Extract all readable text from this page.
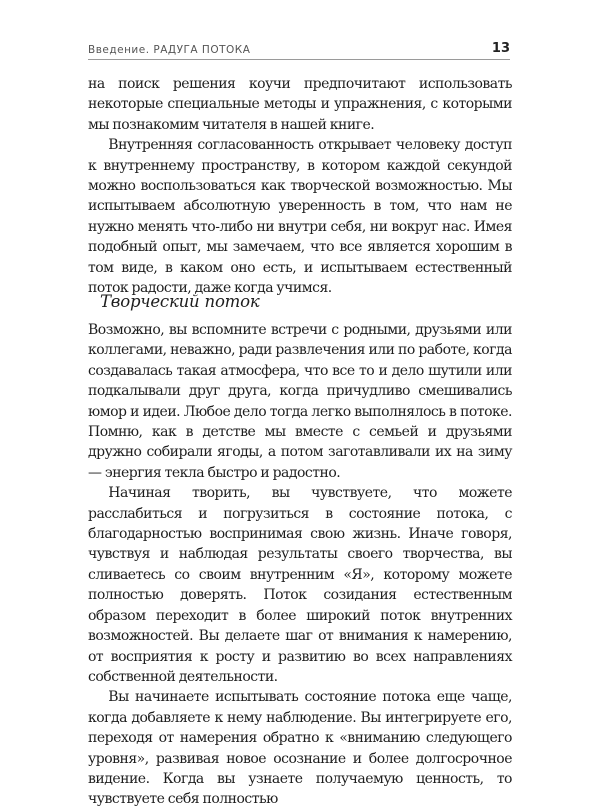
Введение. РАДУГА ПОТОКА	13

на поиск решения коучи предпочитают использовать некоторые специальные методы и упражнения, с которыми мы познакомим читателя в нашей книге.

Внутренняя согласованность открывает человеку доступ к внутреннему пространству, в котором каждой секундой можно воспользоваться как творческой возможностью. Мы испытываем абсолютную уверенность в том, что нам не нужно менять что-либо ни внутри себя, ни вокруг нас. Имея подобный опыт, мы замечаем, что все является хорошим в том виде, в каком оно есть, и испытываем естественный поток радости, даже когда учимся.

Творческий поток

Возможно, вы вспомните встречи с родными, друзьями или коллегами, неважно, ради развлечения или по работе, когда создавалась такая атмосфера, что все то и дело шутили или подкалывали друг друга, когда причудливо смешивались юмор и идеи. Любое дело тогда легко выполнялось в потоке. Помню, как в детстве мы вместе с семьей и друзьями дружно собирали ягоды, а потом заготавливали их на зиму — энергия текла быстро и радостно.

Начиная творить, вы чувствуете, что можете расслабиться и погрузиться в состояние потока, с благодарностью воспринимая свою жизнь. Иначе говоря, чувствуя и наблюдая результаты своего творчества, вы сливаетесь со своим внутренним «Я», которому можете полностью доверять. Поток созидания естественным образом переходит в более широкий поток внутренних возможностей. Вы делаете шаг от внимания к намерению, от восприятия к росту и развитию во всех направлениях собственной деятельности.

Вы начинаете испытывать состояние потока еще чаще, когда добавляете к нему наблюдение. Вы интегрируете его, переходя от намерения обратно к «вниманию следующего уровня», развивая новое осознание и более долгосрочное видение. Когда вы узнаете получаемую ценность, то чувствуете себя полностью
